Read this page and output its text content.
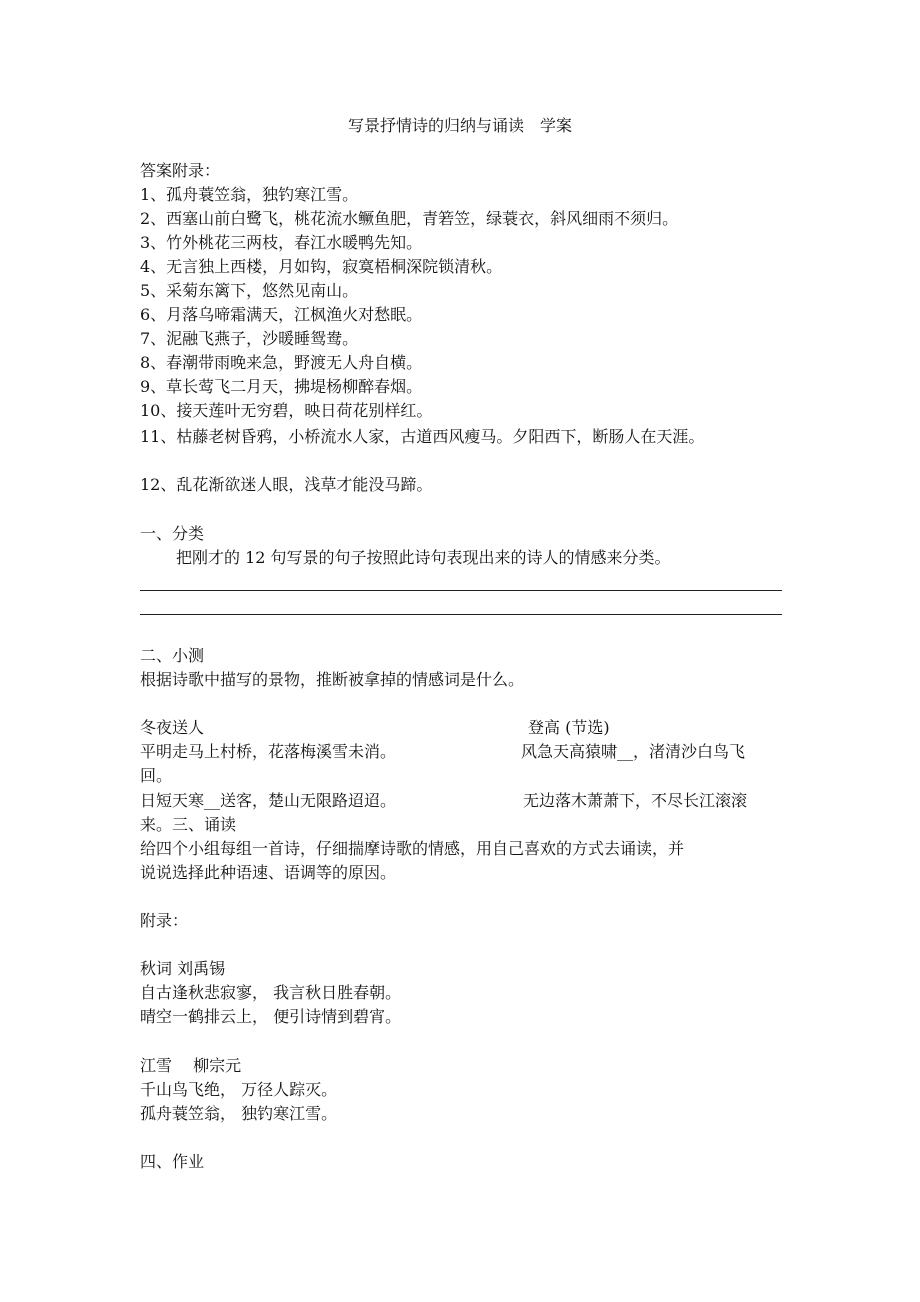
写景抒情诗的归纳与诵读　学案
答案附录：
1、孤舟蓑笠翁，独钓寒江雪。
2、西塞山前白鹭飞，桃花流水鳜鱼肥，青箬笠，绿蓑衣，斜风细雨不须归。
3、竹外桃花三两枝，春江水暖鸭先知。
4、无言独上西楼，月如钩，寂寞梧桐深院锁清秋。
5、采菊东篱下，悠然见南山。
6、月落乌啼霜满天，江枫渔火对愁眠。
7、泥融飞燕子，沙暖睡鸳鸯。
8、春潮带雨晚来急，野渡无人舟自横。
9、草长莺飞二月天，拂堤杨柳醉春烟。
10、接天莲叶无穷碧，映日荷花别样红。
11、枯藤老树昏鸦，小桥流水人家，古道西风瘦马。夕阳西下，断肠人在天涯。
12、乱花渐欲迷人眼，浅草才能没马蹄。
一、分类
把刚才的 12 句写景的句子按照此诗句表现出来的诗人的情感来分类。
二、小测
根据诗歌中描写的景物，推断被拿掉的情感词是什么。
冬夜送人	登高 (节选)
平明走马上村桥，花落梅溪雪未消。	风急天高猿啸__，渚清沙白鸟飞
回。
日短天寒__送客，楚山无限路迢迢。	无边落木萧萧下，不尽长江滚滚
来。三、诵读
给四个小组每组一首诗，仔细揣摩诗歌的情感，用自己喜欢的方式去诵读，并
说说选择此种语速、语调等的原因。
附录：
秋词 刘禹锡
自古逢秋悲寂寥， 我言秋日胜春朝。
晴空一鹤排云上， 便引诗情到碧宵。
江雪　 柳宗元
千山鸟飞绝， 万径人踪灭。
孤舟蓑笠翁， 独钓寒江雪。
四、作业
